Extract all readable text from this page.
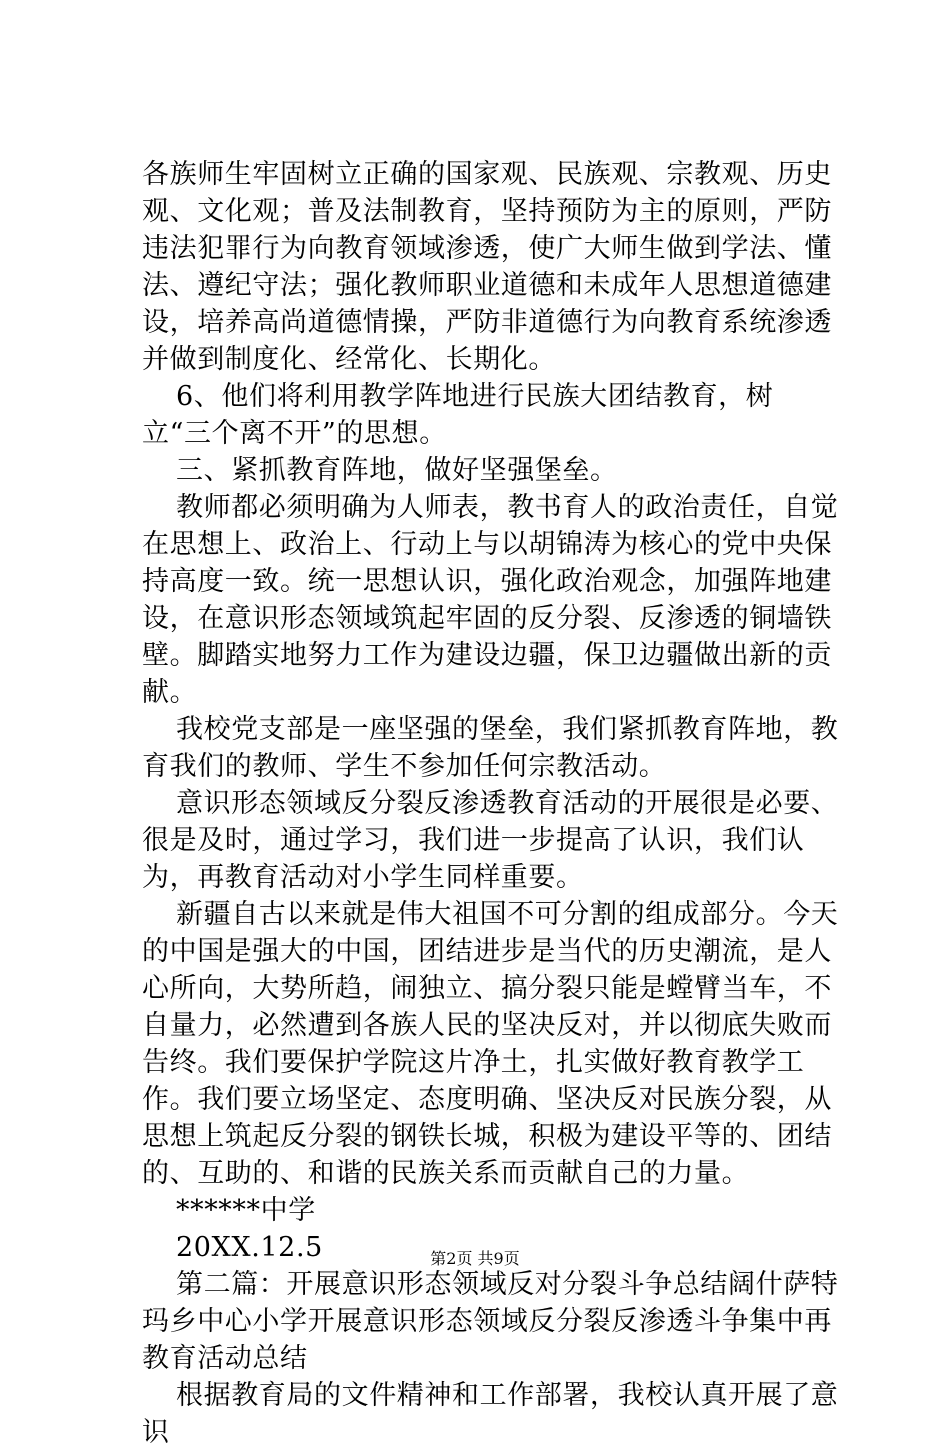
各族师生牢固树立正确的国家观、民族观、宗教观、历史观、文化观；普及法制教育，坚持预防为主的原则，严防违法犯罪行为向教育领域渗透，使广大师生做到学法、懂法、遵纪守法；强化教师职业道德和未成年人思想道德建设，培养高尚道德情操，严防非道德行为向教育系统渗透并做到制度化、经常化、长期化。

6、他们将利用教学阵地进行民族大团结教育，树立“三个离不开”的思想。

三、紧抓教育阵地，做好坚强堡垒。

教师都必须明确为人师表，教书育人的政治责任，自觉在思想上、政治上、行动上与以胡锦涛为核心的党中央保持高度一致。统一思想认识，强化政治观念，加强阵地建设，在意识形态领域筑起牢固的反分裂、反渗透的铜墙铁壁。脚踏实地努力工作为建设边疆，保卫边疆做出新的贡献。

我校党支部是一座坚强的堡垒，我们紧抓教育阵地，教育我们的教师、学生不参加任何宗教活动。

意识形态领域反分裂反渗透教育活动的开展很是必要、很是及时，通过学习，我们进一步提高了认识，我们认为，再教育活动对小学生同样重要。

新疆自古以来就是伟大祖国不可分割的组成部分。今天的中国是强大的中国，团结进步是当代的历史潮流，是人心所向，大势所趋，闹独立、搞分裂只能是螳臂当车，不自量力，必然遭到各族人民的坚决反对，并以彻底失败而告终。我们要保护学院这片净土，扎实做好教育教学工作。我们要立场坚定、态度明确、坚决反对民族分裂，从思想上筑起反分裂的钢铁长城，积极为建设平等的、团结的、互助的、和谐的民族关系而贡献自己的力量。

******中学

20XX.12.5

第二篇：开展意识形态领域反对分裂斗争总结阔什萨特玛乡中心小学开展意识形态领域反分裂反渗透斗争集中再教育活动总结

根据教育局的文件精神和工作部署，我校认真开展了意识

第2页 共9页
